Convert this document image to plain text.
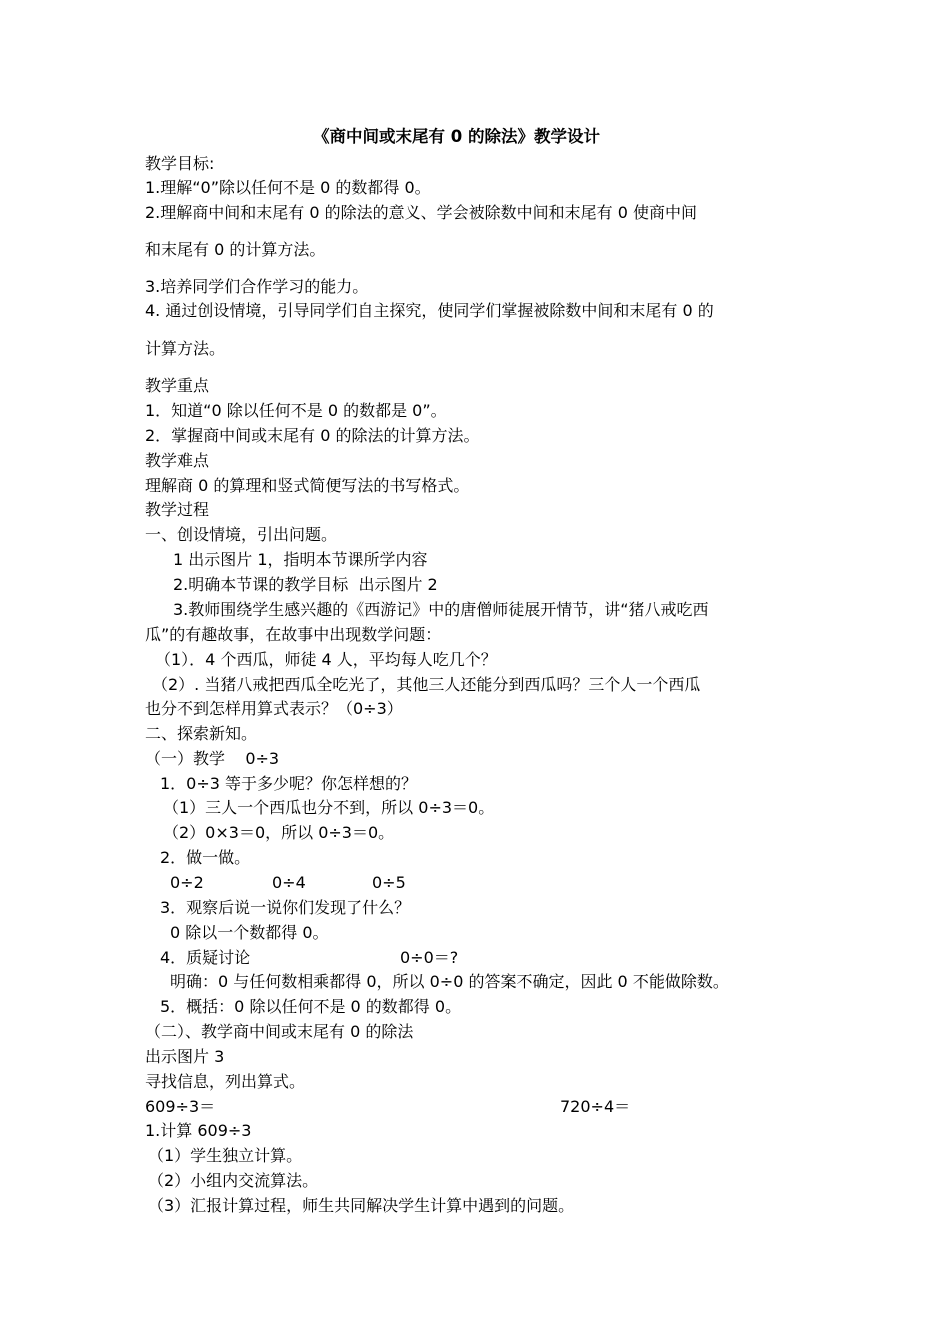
《商中间或末尾有 0 的除法》教学设计
教学目标:
1.理解“0”除以任何不是 0 的数都得 0。
2.理解商中间和末尾有 0 的除法的意义、学会被除数中间和末尾有 0 使商中间
和末尾有 0 的计算方法。
3.培养同学们合作学习的能力。
4. 通过创设情境，引导同学们自主探究，使同学们掌握被除数中间和末尾有 0 的
计算方法。
教学重点
1．知道“0 除以任何不是 0 的数都是 0”。
2．掌握商中间或末尾有 0 的除法的计算方法。
教学难点
理解商 0 的算理和竖式简便写法的书写格式。
教学过程
一、创设情境，引出问题。
1 出示图片 1，指明本节课所学内容
2.明确本节课的教学目标  出示图片 2
3.教师围绕学生感兴趣的《西游记》中的唐僧师徒展开情节，讲“猪八戒吃西
瓜”的有趣故事，在故事中出现数学问题：
（1）．4 个西瓜，师徒 4 人，平均每人吃几个？
（2）. 当猪八戒把西瓜全吃光了，其他三人还能分到西瓜吗？三个人一个西瓜
也分不到怎样用算式表示？（0÷3）
二、探索新知。
（一）教学    0÷3
1．0÷3 等于多少呢？你怎样想的？
（1）三人一个西瓜也分不到，所以 0÷3＝0。
（2）0×3＝0，所以 0÷3＝0。
2．做一做。
0÷2	0÷4	0÷5
3．观察后说一说你们发现了什么？
0 除以一个数都得 0。
4．质疑讨论	0÷0＝?
明确：0 与任何数相乘都得 0，所以 0÷0 的答案不确定，因此 0 不能做除数。
5．概括：0 除以任何不是 0 的数都得 0。
（二）、教学商中间或末尾有 0 的除法
出示图片 3
寻找信息，列出算式。
609÷3＝	720÷4＝
1.计算 609÷3
（1）学生独立计算。
（2）小组内交流算法。
（3）汇报计算过程，师生共同解决学生计算中遇到的问题。
